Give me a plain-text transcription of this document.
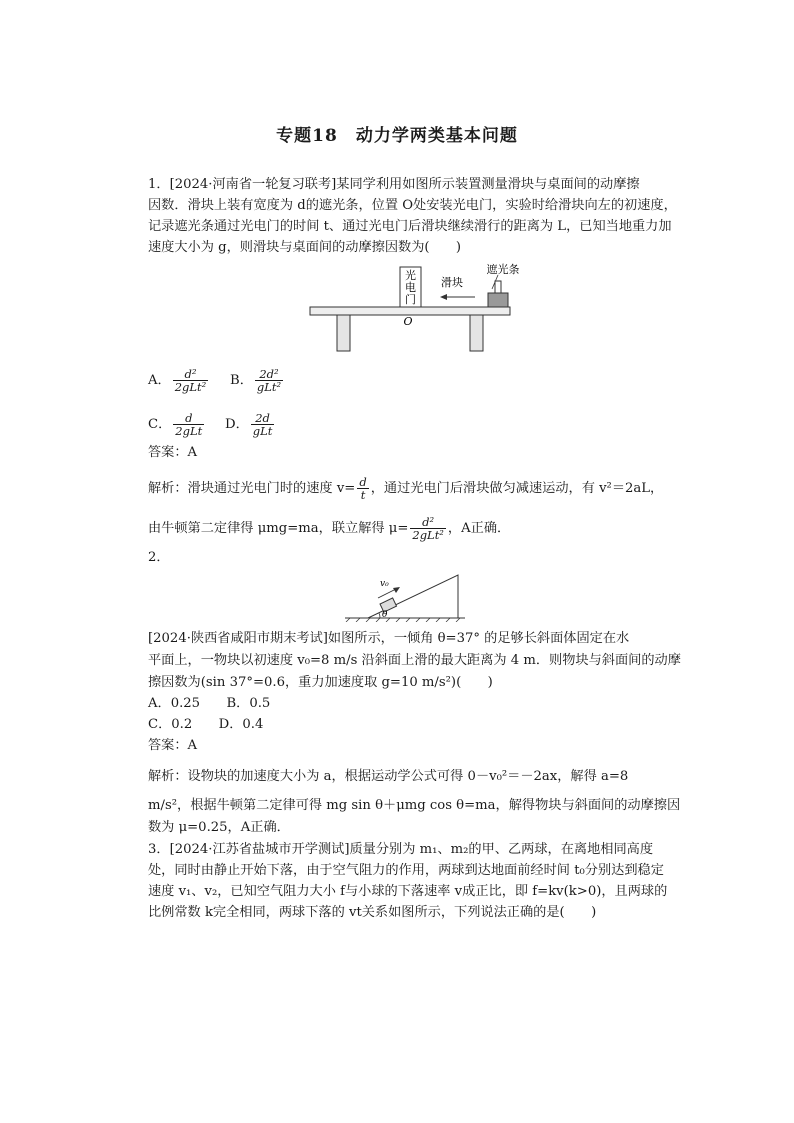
专题18　动力学两类基本问题
1．[2024·河南省一轮复习联考]某同学利用如图所示装置测量滑块与桌面间的动摩擦
因数．滑块上装有宽度为 d的遮光条，位置 O处安装光电门，实验时给滑块向左的初速度，
记录遮光条通过光电门的时间 t、通过光电门后滑块继续滑行的距离为 L，已知当地重力加
速度大小为 g，则滑块与桌面间的动摩擦因数为(　　)
光
电
门
O
滑块
遮光条
A． $\frac{\text{d²}}{\text{2gLt²}}$ B． $\frac{\text{2d²}}{\text{gLt²}}$
C． $\frac{d}{\text{2gLt}}$ D． $\frac{2d}{\text{gLt}}$
答案：A
解析：滑块通过光电门时的速度 $v= \frac{d}{t}$ ，通过光电门后滑块做匀减速运动，有 v²＝2aL，
由牛顿第二定律得 μmg=ma，联立解得 $\mu= \frac{\text{d²}}{\text{2gLt²}}$ ，A正确．
2．
v₀
θ
[2024·陕西省咸阳市期末考试]如图所示，一倾角 θ=37° 的足够长斜面体固定在水
平面上，一物块以初速度 v₀=8 m/s 沿斜面上滑的最大距离为 4 m．则物块与斜面间的动摩
擦因数为(sin 37°=0.6，重力加速度取 g=10 m/s²)(　　)
A．0.25　　B．0.5
C．0.2　　D．0.4
答案：A
解析：设物块的加速度大小为 a，根据运动学公式可得 0－v₀²＝－2ax，解得 a=8
m/s²，根据牛顿第二定律可得 mg sin θ＋μmg cos θ=ma，解得物块与斜面间的动摩擦因
数为 μ=0.25，A正确．
3．[2024·江苏省盐城市开学测试]质量分别为 m₁、m₂的甲、乙两球，在离地相同高度
处，同时由静止开始下落，由于空气阻力的作用，两球到达地面前经时间 t₀分别达到稳定
速度 v₁、v₂，已知空气阻力大小 f与小球的下落速率 v成正比，即 f=kv(k>0)，且两球的
比例常数 k完全相同，两球下落的 vt关系如图所示，下列说法正确的是(　　)
